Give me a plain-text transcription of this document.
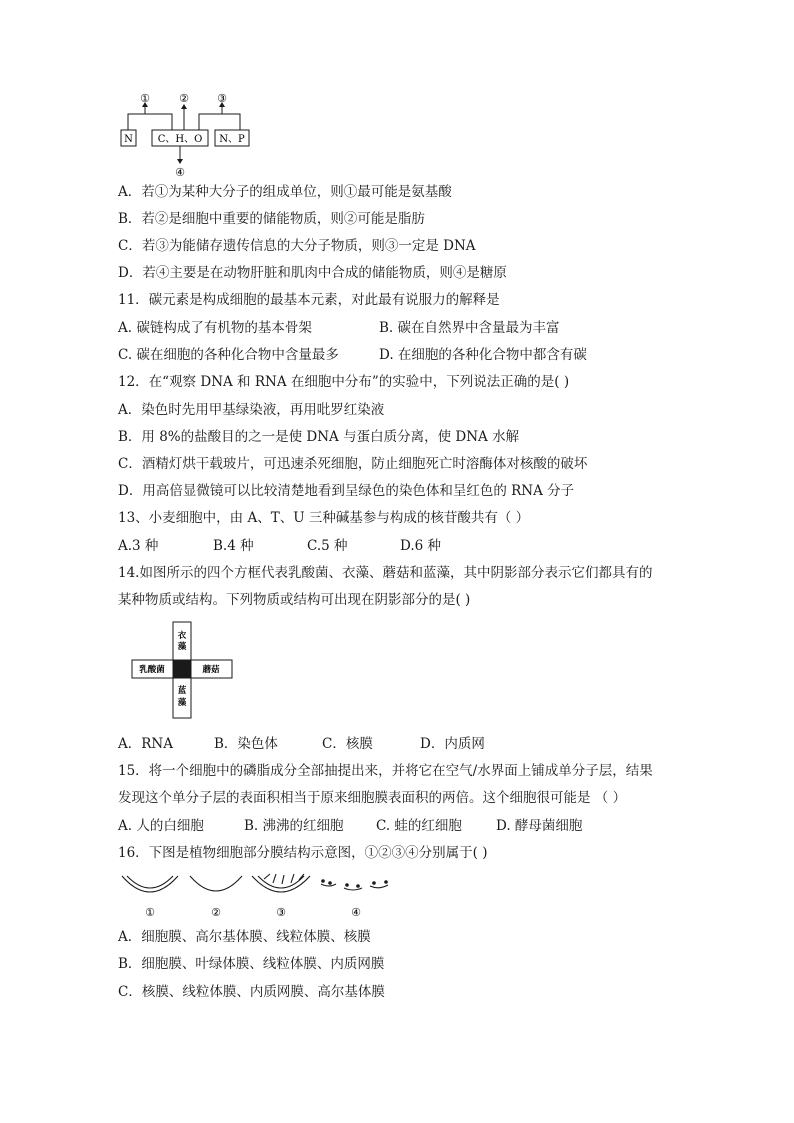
N C、H、O N、P
①	②	③
④
A．若①为某种大分子的组成单位，则①最可能是氨基酸
B．若②是细胞中重要的储能物质，则②可能是脂肪
C．若③为能储存遗传信息的大分子物质，则③一定是 DNA
D．若④主要是在动物肝脏和肌肉中合成的储能物质，则④是糖原
11．碳元素是构成细胞的最基本元素，对此最有说服力的解释是
A. 碳链构成了有机物的基本骨架	B. 碳在自然界中含量最为丰富
C. 碳在细胞的各种化合物中含量最多	D. 在细胞的各种化合物中都含有碳
12．在“观察 DNA 和 RNA 在细胞中分布”的实验中，下列说法正确的是( )
A．染色时先用甲基绿染液，再用吡罗红染液
B．用 8%的盐酸目的之一是使 DNA 与蛋白质分离，使 DNA 水解
C．酒精灯烘干载玻片，可迅速杀死细胞，防止细胞死亡时溶酶体对核酸的破坏
D．用高倍显微镜可以比较清楚地看到呈绿色的染色体和呈红色的 RNA 分子
13、小麦细胞中，由 A、T、U 三种碱基参与构成的核苷酸共有（ ）
A.3 种	B.4 种	C.5 种	D.6 种
14.如图所示的四个方框代表乳酸菌、衣藻、蘑菇和蓝藻，其中阴影部分表示它们都具有的
某种物质或结构。下列物质或结构可出现在阴影部分的是( )
衣
藻
乳酸菌	蘑菇
蓝
藻
A．RNA	B．染色体	C．核膜	D．内质网
15．将一个细胞中的磷脂成分全部抽提出来，并将它在空气/水界面上铺成单分子层，结果
发现这个单分子层的表面积相当于原来细胞膜表面积的两倍。这个细胞很可能是 （ ）
A. 人的白细胞	B. 沸沸的红细胞 C. 蛙的红细胞	D. 酵母菌细胞
16．下图是植物细胞部分膜结构示意图，①②③④分别属于( )
①	②	③	④
A．细胞膜、高尔基体膜、线粒体膜、核膜
B．细胞膜、叶绿体膜、线粒体膜、内质网膜
C．核膜、线粒体膜、内质网膜、高尔基体膜
